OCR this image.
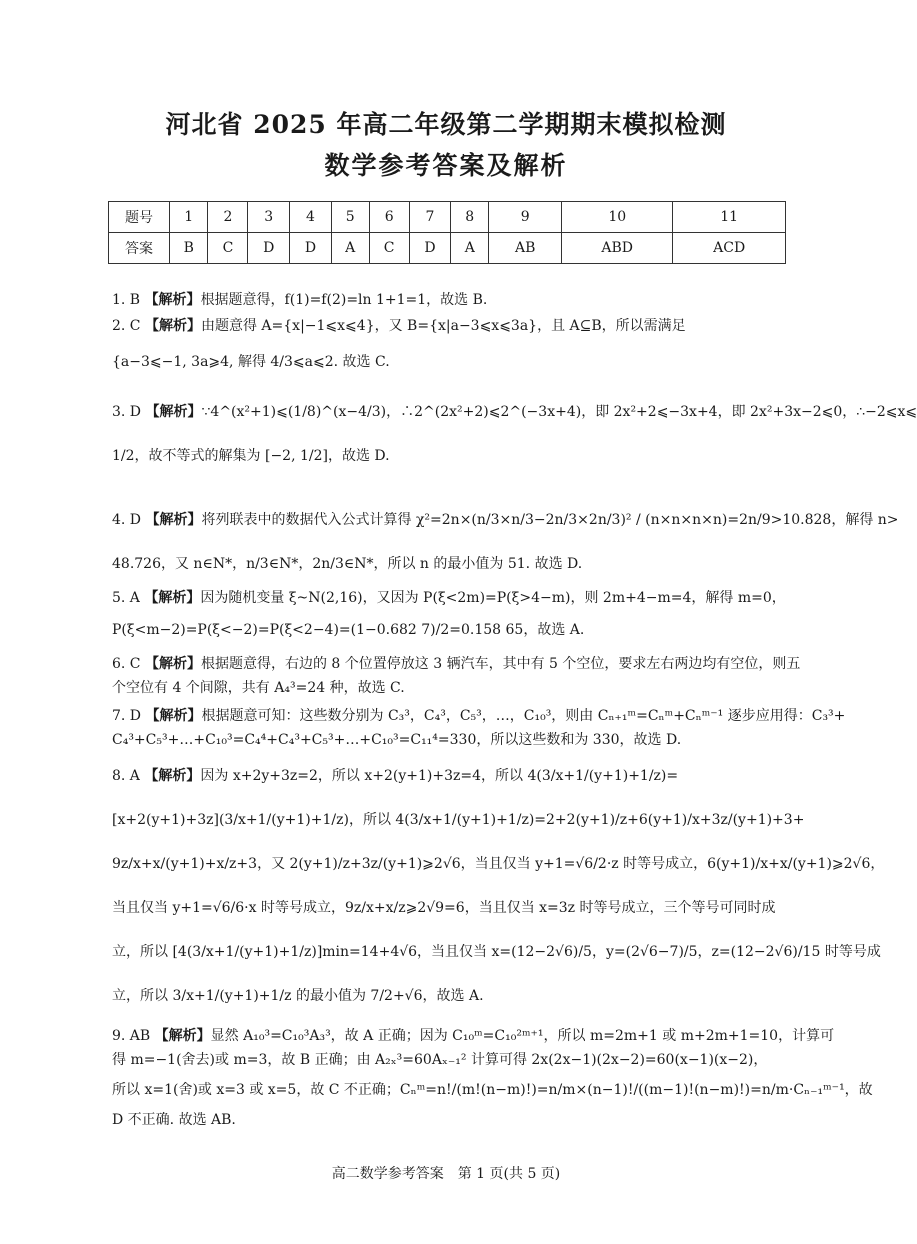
河北省 2025 年高二年级第二学期期末模拟检测
数学参考答案及解析
题号	1	2	3	4	5	6	7	8	9	10	11
答案	B	C	D	D	A	C	D	A	AB	ABD	ACD
1. B 【解析】根据题意得，f(1)=f(2)=ln 1+1=1，故选 B.
2. C 【解析】由题意得 A={x|−1⩽x⩽4}，又 B={x|a−3⩽x⩽3a}，且 A⊆B，所以需满足
{a−3⩽−1, 3a⩾4, 解得 4/3⩽a⩽2. 故选 C.
3. D 【解析】∵4^(x²+1)⩽(1/8)^(x−4/3)，∴2^(2x²+2)⩽2^(−3x+4)，即 2x²+2⩽−3x+4，即 2x²+3x−2⩽0，∴−2⩽x⩽
1/2，故不等式的解集为 [−2, 1/2]，故选 D.
4. D 【解析】将列联表中的数据代入公式计算得 χ²=2n×(n/3×n/3−2n/3×2n/3)² / (n×n×n×n)=2n/9>10.828，解得 n>
48.726，又 n∈N*，n/3∈N*，2n/3∈N*，所以 n 的最小值为 51. 故选 D.
5. A 【解析】因为随机变量 ξ~N(2,16)，又因为 P(ξ<2m)=P(ξ>4−m)，则 2m+4−m=4，解得 m=0，
P(ξ<m−2)=P(ξ<−2)=P(ξ<2−4)=(1−0.682 7)/2=0.158 65，故选 A.
6. C 【解析】根据题意得，右边的 8 个位置停放这 3 辆汽车，其中有 5 个空位，要求左右两边均有空位，则五
个空位有 4 个间隙，共有 A₄³=24 种，故选 C.
7. D 【解析】根据题意可知：这些数分别为 C₃³，C₄³，C₅³，…，C₁₀³，则由 Cₙ₊₁ᵐ=Cₙᵐ+Cₙᵐ⁻¹ 逐步应用得：C₃³+
C₄³+C₅³+…+C₁₀³=C₄⁴+C₄³+C₅³+…+C₁₀³=C₁₁⁴=330，所以这些数和为 330，故选 D.
8. A 【解析】因为 x+2y+3z=2，所以 x+2(y+1)+3z=4，所以 4(3/x+1/(y+1)+1/z)=
[x+2(y+1)+3z](3/x+1/(y+1)+1/z)，所以 4(3/x+1/(y+1)+1/z)=2+2(y+1)/z+6(y+1)/x+3z/(y+1)+3+
9z/x+x/(y+1)+x/z+3，又 2(y+1)/z+3z/(y+1)⩾2√6，当且仅当 y+1=√6/2·z 时等号成立，6(y+1)/x+x/(y+1)⩾2√6，
当且仅当 y+1=√6/6·x 时等号成立，9z/x+x/z⩾2√9=6，当且仅当 x=3z 时等号成立，三个等号可同时成
立，所以 [4(3/x+1/(y+1)+1/z)]min=14+4√6，当且仅当 x=(12−2√6)/5，y=(2√6−7)/5，z=(12−2√6)/15 时等号成
立，所以 3/x+1/(y+1)+1/z 的最小值为 7/2+√6，故选 A.
9. AB 【解析】显然 A₁₀³=C₁₀³A₃³，故 A 正确；因为 C₁₀ᵐ=C₁₀²ᵐ⁺¹，所以 m=2m+1 或 m+2m+1=10，计算可
得 m=−1(舍去)或 m=3，故 B 正确；由 A₂ₓ³=60Aₓ₋₁² 计算可得 2x(2x−1)(2x−2)=60(x−1)(x−2)，
所以 x=1(舍)或 x=3 或 x=5，故 C 不正确；Cₙᵐ=n!/(m!(n−m)!)=n/m×(n−1)!/((m−1)!(n−m)!)=n/m·Cₙ₋₁ᵐ⁻¹，故
D 不正确. 故选 AB.
高二数学参考答案　第 1 页(共 5 页)
